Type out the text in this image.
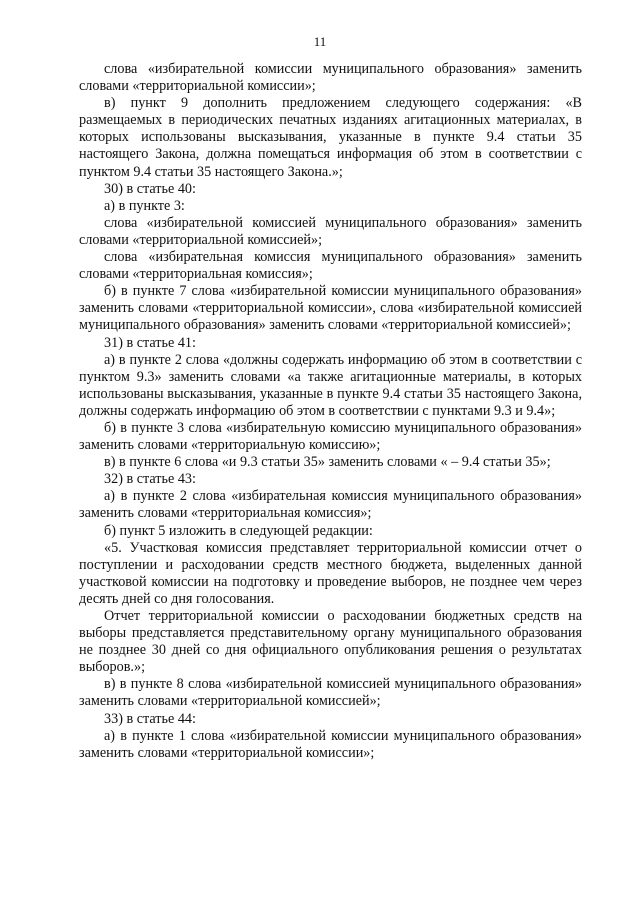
11

слова «избирательной комиссии муниципального образования» заменить словами «территориальной комиссии»;

в) пункт 9 дополнить предложением следующего содержания: «В размещаемых в периодических печатных изданиях агитационных материалах, в которых использованы высказывания, указанные в пункте 9.4 статьи 35 настоящего Закона, должна помещаться информация об этом в соответствии с пунктом 9.4 статьи 35 настоящего Закона.»;

30) в статье 40:

а) в пункте 3:

слова «избирательной комиссией муниципального образования» заменить словами «территориальной комиссией»;

слова «избирательная комиссия муниципального образования» заменить словами «территориальная комиссия»;

б) в пункте 7 слова «избирательной комиссии муниципального образования» заменить словами «территориальной комиссии», слова «избирательной комиссией муниципального образования» заменить словами «территориальной комиссией»;

31) в статье 41:

а) в пункте 2 слова «должны содержать информацию об этом в соответствии с пунктом 9.3» заменить словами «а также агитационные материалы, в которых использованы высказывания, указанные в пункте 9.4 статьи 35 настоящего Закона, должны содержать информацию об этом в соответствии с пунктами 9.3 и 9.4»;

б) в пункте 3 слова «избирательную комиссию муниципального образования» заменить словами «территориальную комиссию»;

в) в пункте 6 слова «и 9.3 статьи 35» заменить словами « – 9.4 статьи 35»;

32) в статье 43:

а) в пункте 2 слова «избирательная комиссия муниципального образования» заменить словами «территориальная комиссия»;

б) пункт 5 изложить в следующей редакции:

«5. Участковая комиссия представляет территориальной комиссии отчет о поступлении и расходовании средств местного бюджета, выделенных данной участковой комиссии на подготовку и проведение выборов, не позднее чем через десять дней со дня голосования.

Отчет территориальной комиссии о расходовании бюджетных средств на выборы представляется представительному органу муниципального образования не позднее 30 дней со дня официального опубликования решения о результатах выборов.»;

в) в пункте 8 слова «избирательной комиссией муниципального образования» заменить словами «территориальной комиссией»;

33) в статье 44:

а) в пункте 1 слова «избирательной комиссии муниципального образования» заменить словами «территориальной комиссии»;
